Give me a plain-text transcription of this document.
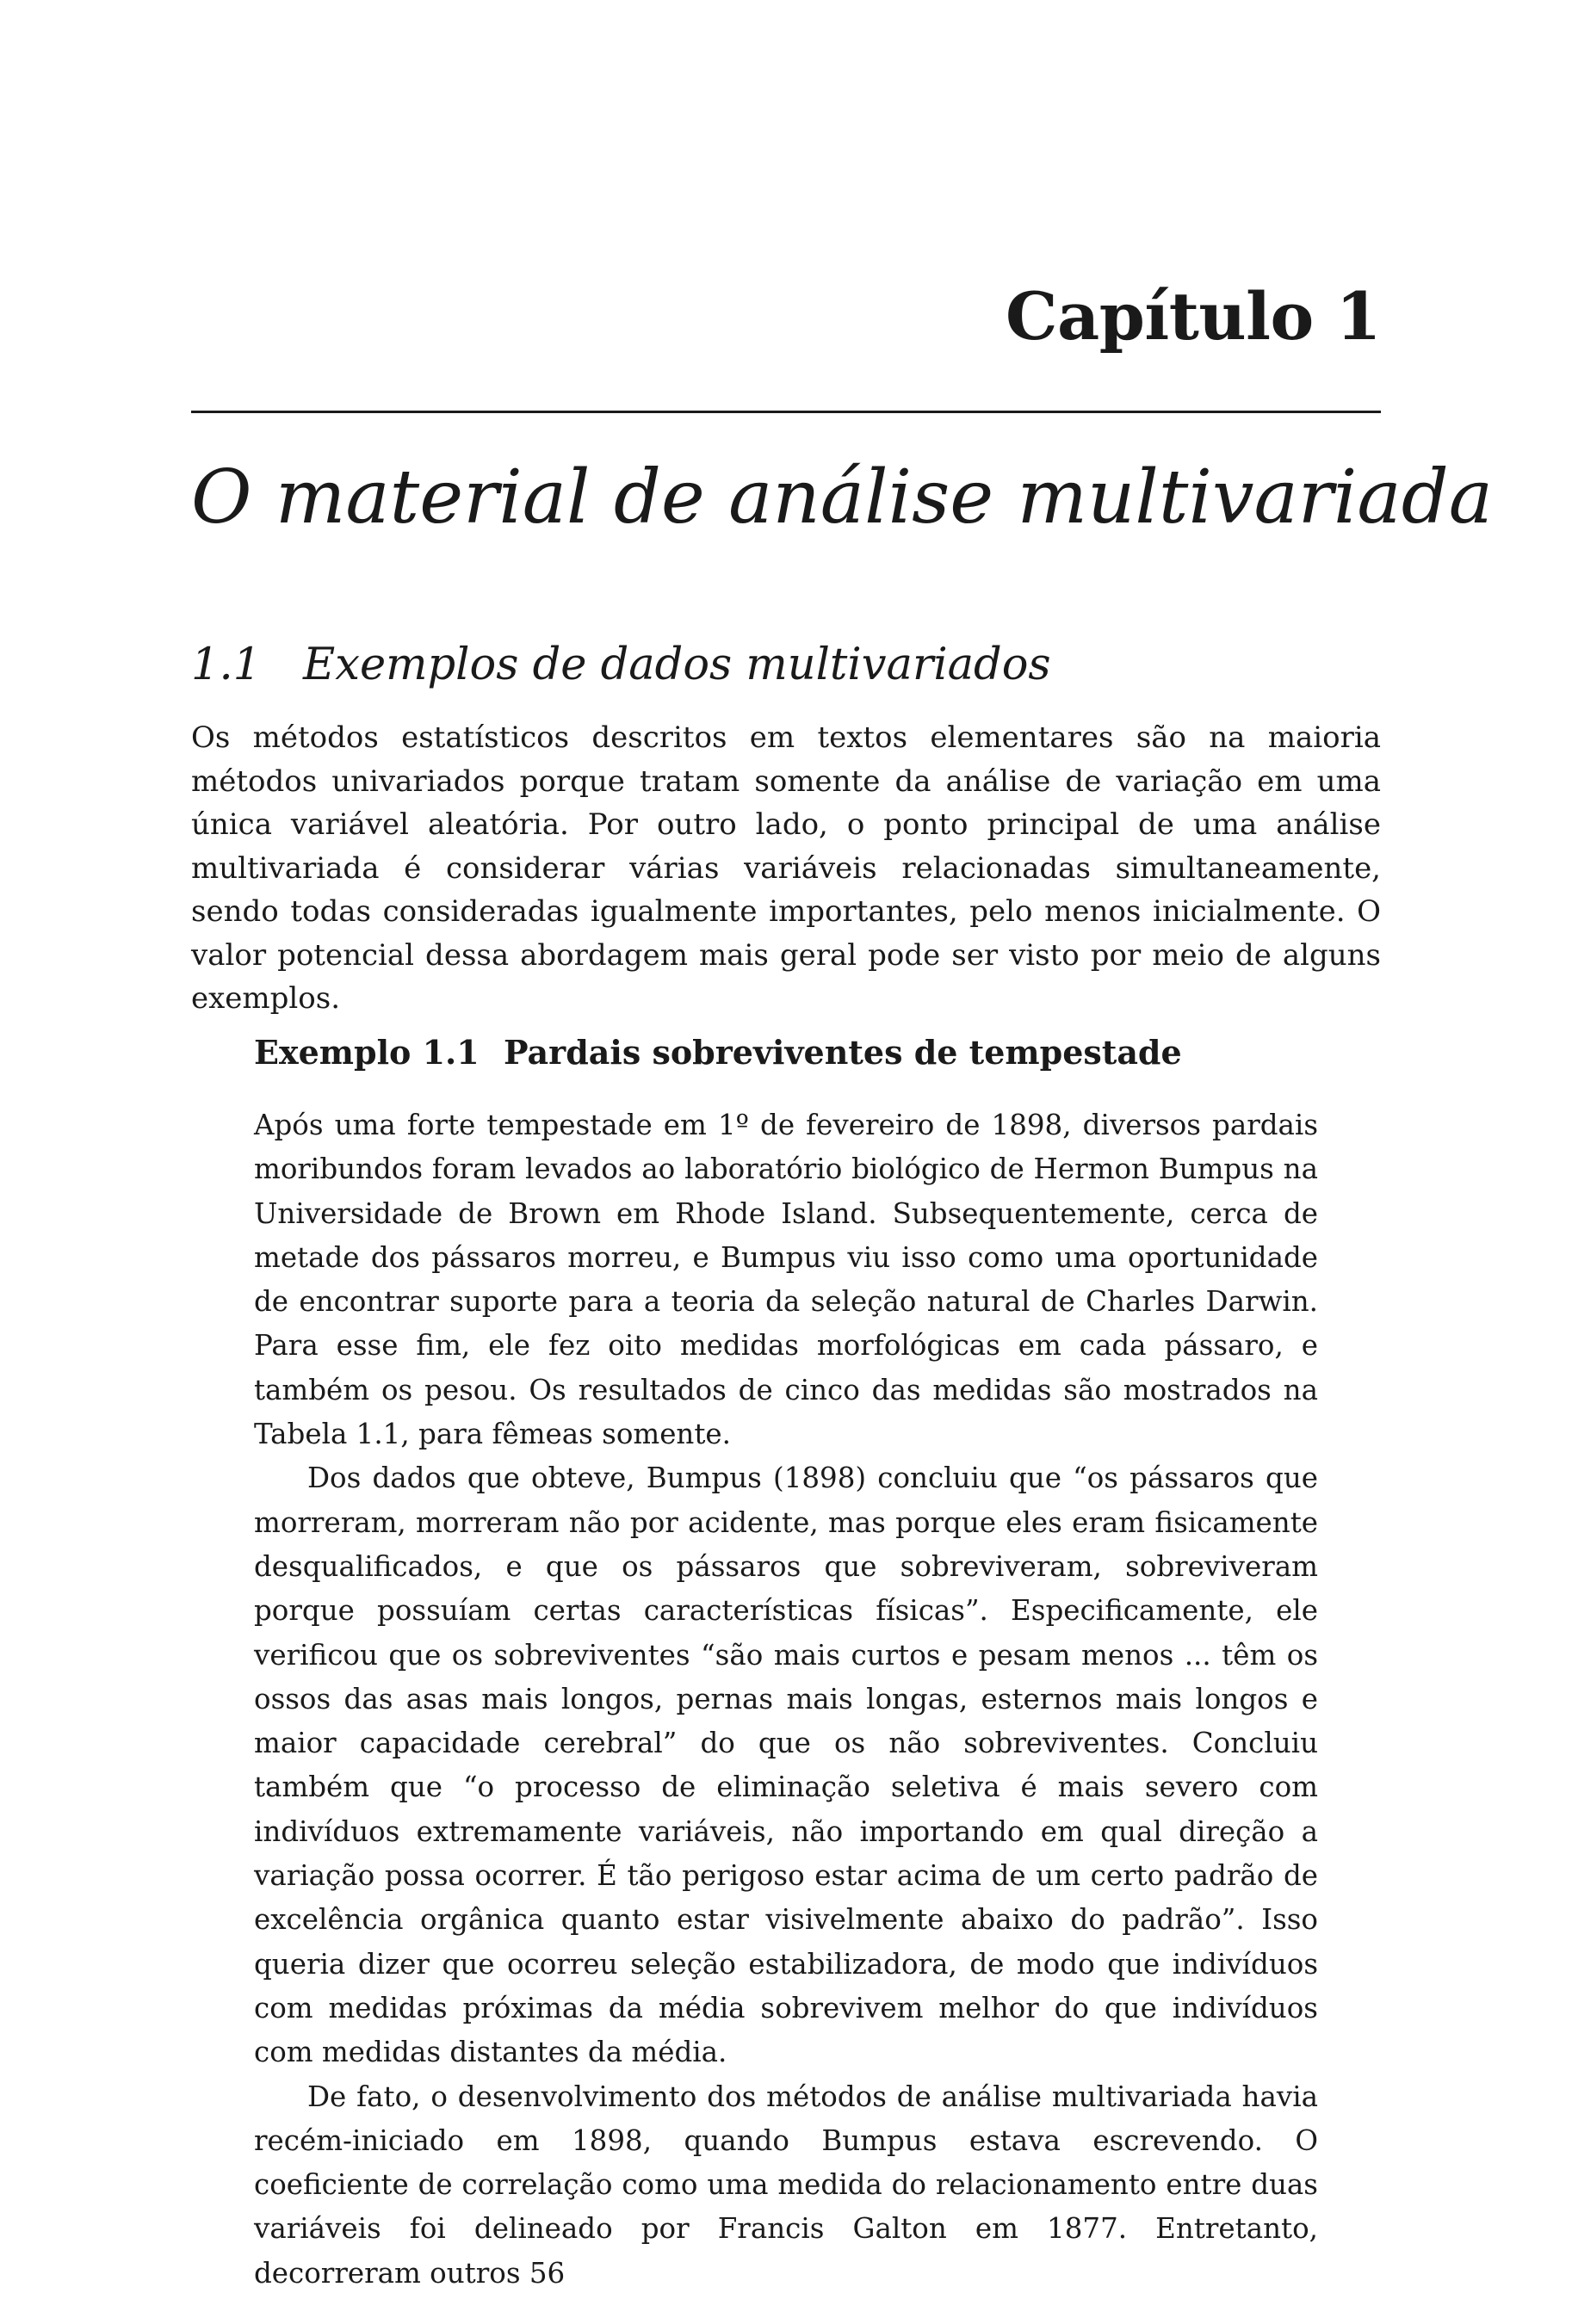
Capítulo 1
O material de análise multivariada
1.1 Exemplos de dados multivariados

Os métodos estatísticos descritos em textos elementares são na maioria métodos univariados porque tratam somente da análise de variação em uma única variável aleatória. Por outro lado, o ponto principal de uma análise multivariada é considerar várias variáveis relacionadas simultaneamente, sendo todas consideradas igualmente importantes, pelo menos inicialmente. O valor potencial dessa abordagem mais geral pode ser visto por meio de alguns exemplos.

Exemplo 1.1 Pardais sobreviventes de tempestade

Após uma forte tempestade em 1º de fevereiro de 1898, diversos pardais moribundos foram levados ao laboratório biológico de Hermon Bumpus na Universidade de Brown em Rhode Island. Subsequentemente, cerca de metade dos pássaros morreu, e Bumpus viu isso como uma oportunidade de encontrar suporte para a teoria da seleção natural de Charles Darwin. Para esse fim, ele fez oito medidas morfológicas em cada pássaro, e também os pesou. Os resultados de cinco das medidas são mostrados na Tabela 1.1, para fêmeas somente.

Dos dados que obteve, Bumpus (1898) concluiu que “os pássaros que morreram, morreram não por acidente, mas porque eles eram fisicamente desqualificados, e que os pássaros que sobreviveram, sobreviveram porque possuíam certas características físicas”. Especificamente, ele verificou que os sobreviventes “são mais curtos e pesam menos ... têm os ossos das asas mais longos, pernas mais longas, esternos mais longos e maior capacidade cerebral” do que os não sobreviventes. Concluiu também que “o processo de eliminação seletiva é mais severo com indivíduos extremamente variáveis, não importando em qual direção a variação possa ocorrer. É tão perigoso estar acima de um certo padrão de excelência orgânica quanto estar visivelmente abaixo do padrão”. Isso queria dizer que ocorreu seleção estabilizadora, de modo que indivíduos com medidas próximas da média sobrevivem melhor do que indivíduos com medidas distantes da média.

De fato, o desenvolvimento dos métodos de análise multivariada havia recém-iniciado em 1898, quando Bumpus estava escrevendo. O coeficiente de correlação como uma medida do relacionamento entre duas variáveis foi delineado por Francis Galton em 1877. Entretanto, decorreram outros 56
